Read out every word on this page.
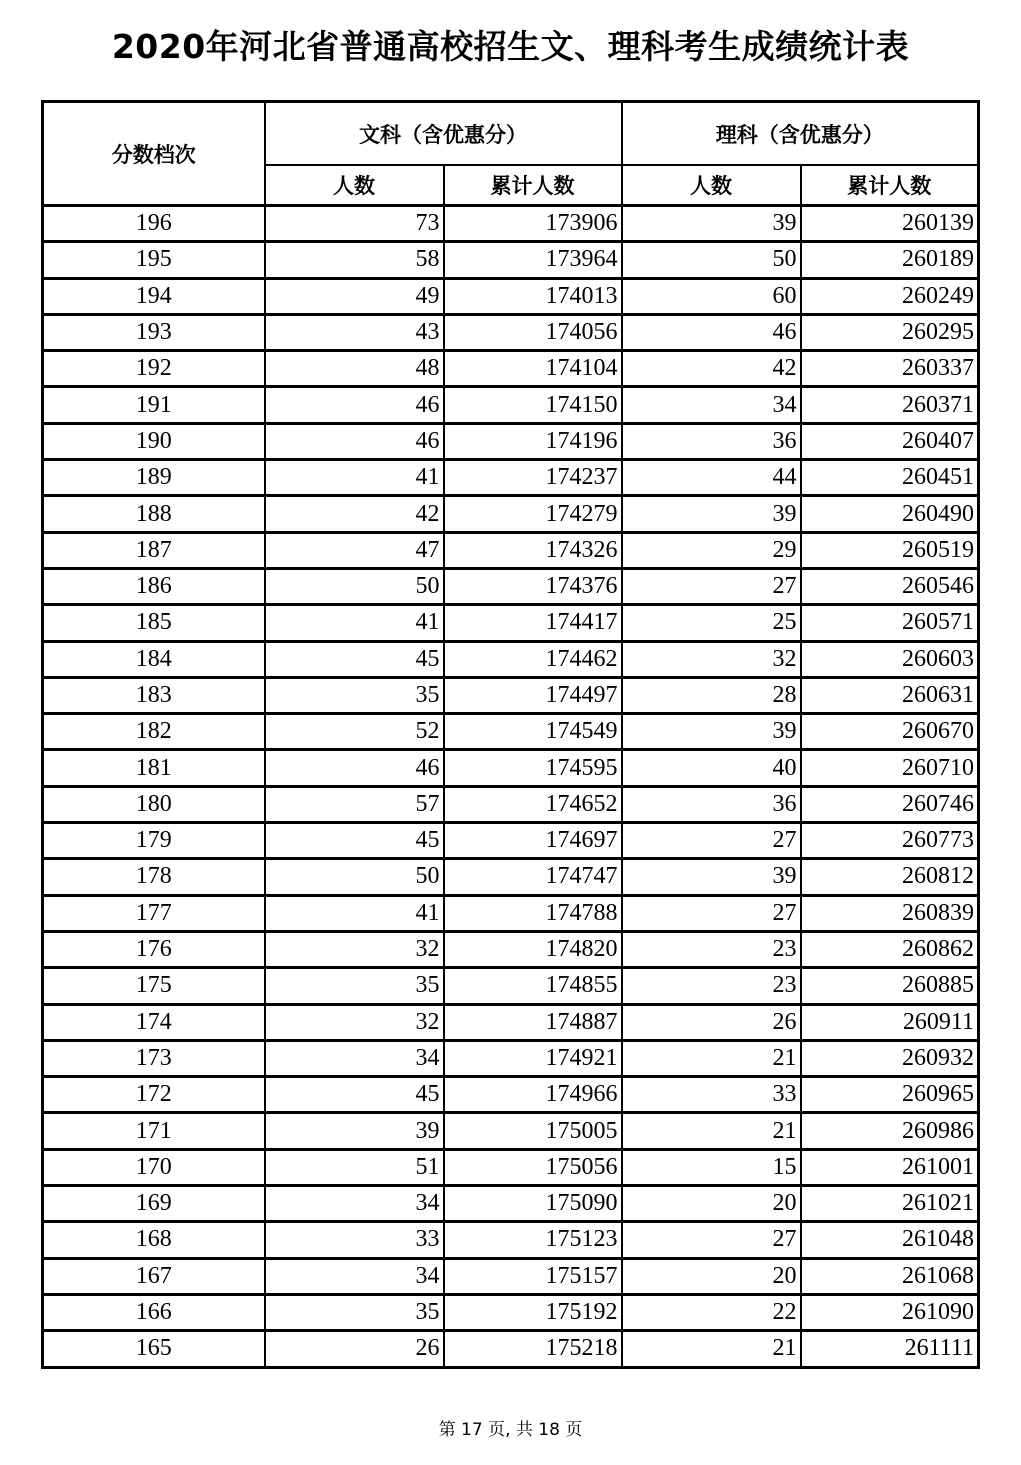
2020年河北省普通高校招生文、理科考生成绩统计表
分数档次	文科（含优惠分）		理科（含优惠分）	
	人数	累计人数	人数	累计人数
196	73	173906	39	260139
195	58	173964	50	260189
194	49	174013	60	260249
193	43	174056	46	260295
192	48	174104	42	260337
191	46	174150	34	260371
190	46	174196	36	260407
189	41	174237	44	260451
188	42	174279	39	260490
187	47	174326	29	260519
186	50	174376	27	260546
185	41	174417	25	260571
184	45	174462	32	260603
183	35	174497	28	260631
182	52	174549	39	260670
181	46	174595	40	260710
180	57	174652	36	260746
179	45	174697	27	260773
178	50	174747	39	260812
177	41	174788	27	260839
176	32	174820	23	260862
175	35	174855	23	260885
174	32	174887	26	260911
173	34	174921	21	260932
172	45	174966	33	260965
171	39	175005	21	260986
170	51	175056	15	261001
169	34	175090	20	261021
168	33	175123	27	261048
167	34	175157	20	261068
166	35	175192	22	261090
165	26	175218	21	261111
第 17 页, 共 18 页
